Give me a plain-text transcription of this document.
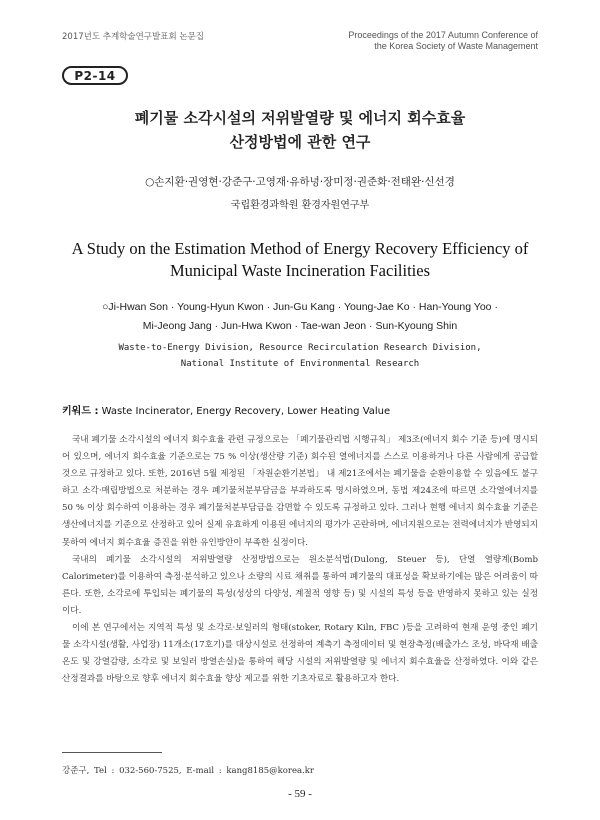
2017년도 추계학술연구발표회 논문집	Proceedings of the 2017 Autumn Conference of
the Korea Society of Waste Management
P2-14
폐기물 소각시설의 저위발열량 및 에너지 회수효율
산정방법에 관한 연구
○손지환·권영현·강준구·고영재·유하녕·장미정·권준화·전태완·신선경
국립환경과학원 환경자원연구부
A Study on the Estimation Method of Energy Recovery Efficiency of
Municipal Waste Incineration Facilities
○Ji-Hwan Son · Young-Hyun Kwon · Jun-Gu Kang · Young-Jae Ko · Han-Young Yoo ·
Mi-Jeong Jang · Jun-Hwa Kwon · Tae-wan Jeon · Sun-Kyoung Shin
Waste-to-Energy Division, Resource Recirculation Research Division,
National Institute of Environmental Research
키워드 : Waste Incinerator, Energy Recovery, Lower Heating Value

국내 폐기물 소각시설의 에너지 회수효율 관련 규정으로는 「폐기물관리법 시행규칙」 제3조(에너지 회수 기준 등)에 명시되어 있으며, 에너지 회수효율 기준으로는 75 % 이상(생산량 기준) 회수된 열에너지를 스스로 이용하거나 다른 사람에게 공급할 것으로 규정하고 있다. 또한, 2016년 5월 제정된 「자원순환기본법」 내 제21조에서는 폐기물을 순환이용할 수 있음에도 불구하고 소각·매립방법으로 처분하는 경우 폐기물처분부담금을 부과하도록 명시하였으며, 동법 제24조에 따르면 소각열에너지를 50 % 이상 회수하여 이용하는 경우 폐기물처분부담금을 감면할 수 있도록 규정하고 있다. 그러나 현행 에너지 회수효율 기준은 생산에너지를 기준으로 산정하고 있어 실제 유효하게 이용된 에너지의 평가가 곤란하며, 에너지원으로는 전력에너지가 반영되지 못하여 에너지 회수효율 증진을 위한 유인방안이 부족한 실정이다.

국내의 폐기물 소각시설의 저위발열량 산정방법으로는 원소분석법(Dulong, Steuer 등), 단열 열량계(Bomb Calorimeter)를 이용하여 측정·분석하고 있으나 소량의 시료 채취를 통하여 폐기물의 대표성을 확보하기에는 많은 어려움이 따른다. 또한, 소각로에 투입되는 폐기물의 특성(성상의 다양성, 계절적 영향 등) 및 시설의 특성 등을 반영하지 못하고 있는 실정이다.

이에 본 연구에서는 지역적 특성 및 소각로·보일러의 형태(stoker, Rotary Kiln, FBC )등을 고려하여 현재 운영 중인 폐기물 소각시설(생활, 사업장) 11개소(17호기)를 대상시설로 선정하여 계측기 측정데이터 및 현장측정(배출가스 조성, 바닥재 배출온도 및 강열감량, 소각로 및 보일러 방열손실)을 통하여 해당 시설의 저위발열량 및 에너지 회수효율을 산정하였다. 이와 같은 산정결과를 바탕으로 향후 에너지 회수효율 향상 제고를 위한 기초자료로 활용하고자 한다.

강준구, Tel : 032-560-7525, E-mail : kang8185@korea.kr
- 59 -
